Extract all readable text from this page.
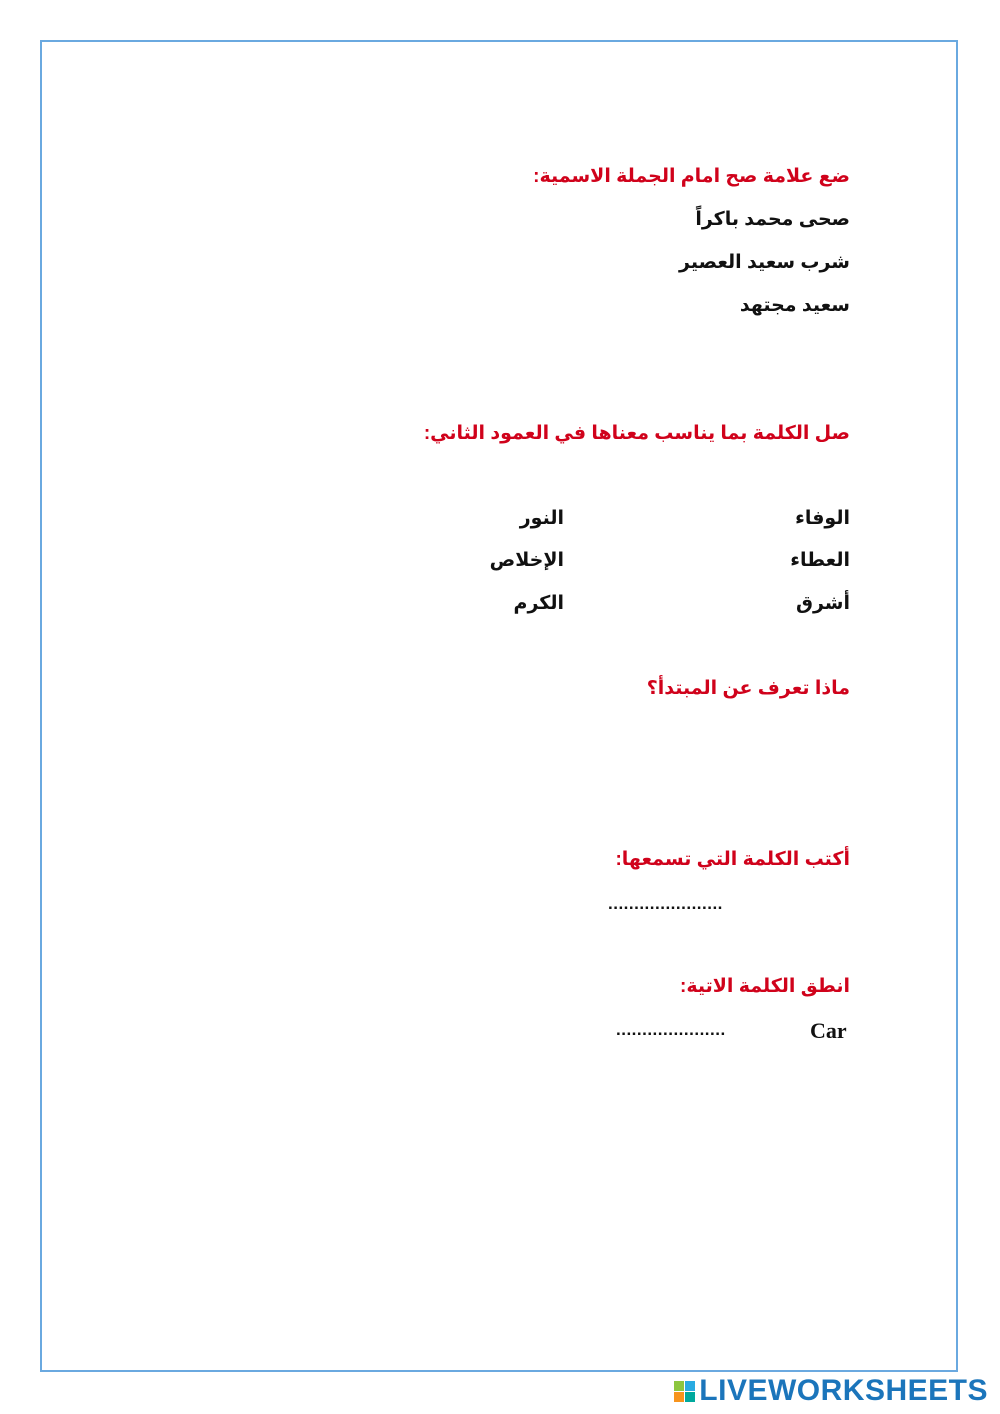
ضع علامة صح امام الجملة الاسمية:
صحى محمد باكراً
شرب سعيد العصير
سعيد مجتهد
صل الكلمة بما يناسب معناها في العمود الثاني:
الوفاء
العطاء
أشرق
النور
الإخلاص
الكرم
ماذا تعرف عن المبتدأ؟
أكتب الكلمة التي تسمعها:
......................
انطق الكلمة الاتية:
Car
.....................
LIVEWORKSHEETS
